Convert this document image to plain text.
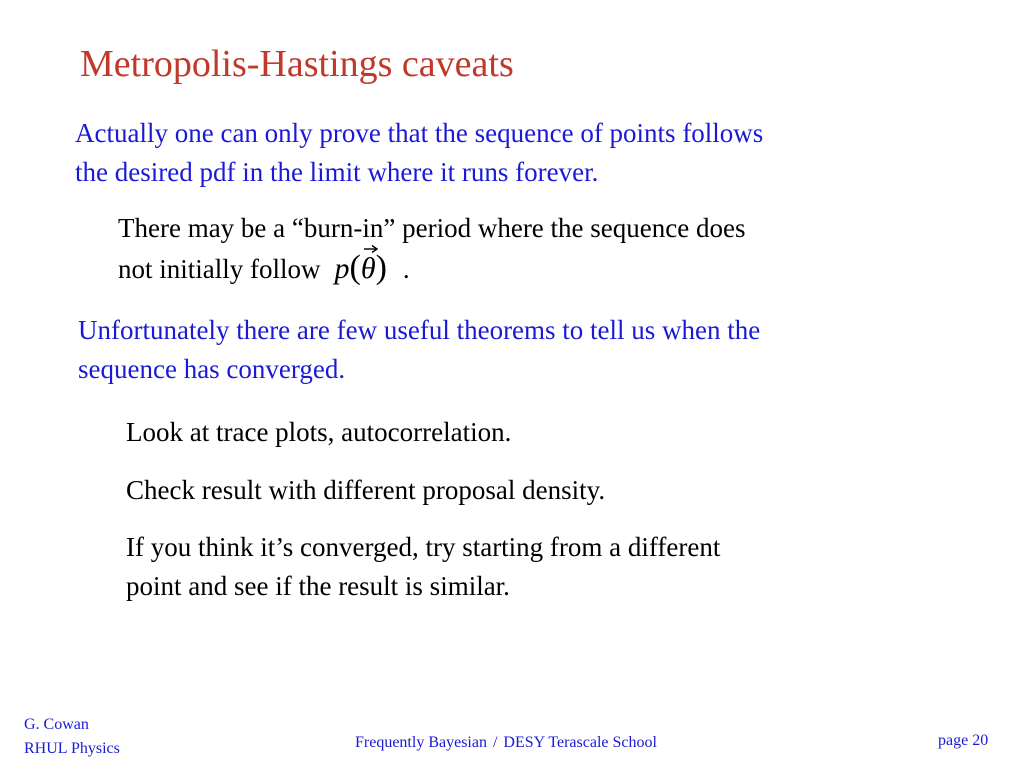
Metropolis-Hastings caveats
Actually one can only prove that the sequence of points follows
the desired pdf in the limit where it runs forever.
There may be a “burn-in” period where the sequence does
not initially follow p(θ
) .
Unfortunately there are few useful theorems to tell us when the
sequence has converged.
Look at trace plots, autocorrelation.
Check result with different proposal density.
If you think it’s converged, try starting from a different
point and see if the result is similar.
G. Cowan
RHUL Physics	Frequently Bayesian / DESY Terascale School	page 20
